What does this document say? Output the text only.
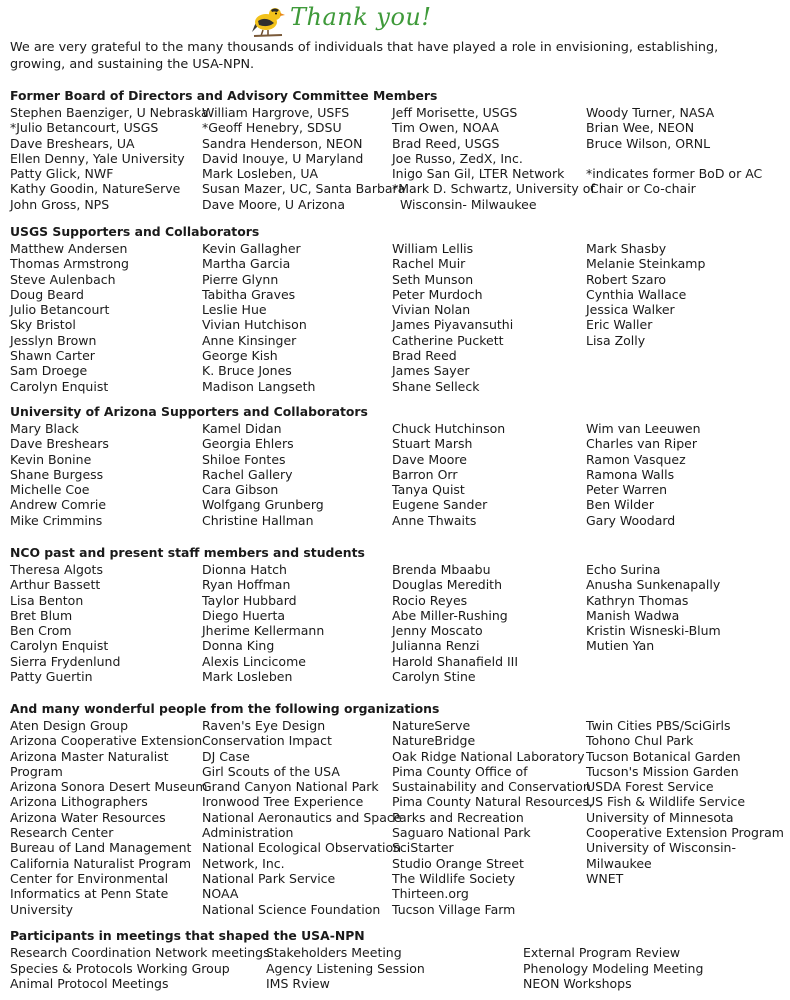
Thank you!
We are very grateful to the many thousands of individuals that have played a role in envisioning, establishing, growing, and sustaining the USA-NPN.
Former Board of Directors and Advisory Committee Members
Stephen Baenziger, U Nebraska
*Julio Betancourt, USGS
Dave Breshears, UA
Ellen Denny, Yale University
Patty Glick, NWF
Kathy Goodin, NatureServe
John Gross, NPS
William Hargrove, USFS
*Geoff Henebry, SDSU
Sandra Henderson, NEON
David Inouye, U Maryland
Mark Losleben, UA
Susan Mazer, UC, Santa Barbara
Dave Moore, U Arizona
Jeff Morisette, USGS
Tim Owen, NOAA
Brad Reed, USGS
Joe Russo, ZedX, Inc.
Inigo San Gil, LTER Network
*Mark D. Schwartz, University of
Wisconsin- Milwaukee
Woody Turner, NASA
Brian Wee, NEON
Bruce Wilson, ORNL
*indicates former BoD or AC
Chair or Co-chair
USGS Supporters and Collaborators
Matthew Andersen
Thomas Armstrong
Steve Aulenbach
Doug Beard
Julio Betancourt
Sky Bristol
Jesslyn Brown
Shawn Carter
Sam Droege
Carolyn Enquist
Kevin Gallagher
Martha Garcia
Pierre Glynn
Tabitha Graves
Leslie Hue
Vivian Hutchison
Anne Kinsinger
George Kish
K. Bruce Jones
Madison Langseth
William Lellis
Rachel Muir
Seth Munson
Peter Murdoch
Vivian Nolan
James Piyavansuthi
Catherine Puckett
Brad Reed
James Sayer
Shane Selleck
Mark Shasby
Melanie Steinkamp
Robert Szaro
Cynthia Wallace
Jessica Walker
Eric Waller
Lisa Zolly
University of Arizona Supporters and Collaborators
Mary Black
Dave Breshears
Kevin Bonine
Shane Burgess
Michelle Coe
Andrew Comrie
Mike Crimmins
Kamel Didan
Georgia Ehlers
Shiloe Fontes
Rachel Gallery
Cara Gibson
Wolfgang Grunberg
Christine Hallman
Chuck Hutchinson
Stuart Marsh
Dave Moore
Barron Orr
Tanya Quist
Eugene Sander
Anne Thwaits
Wim van Leeuwen
Charles van Riper
Ramon Vasquez
Ramona Walls
Peter Warren
Ben Wilder
Gary Woodard
NCO past and present staff members and students
Theresa Algots
Arthur Bassett
Lisa Benton
Bret Blum
Ben Crom
Carolyn Enquist
Sierra Frydenlund
Patty Guertin
Dionna Hatch
Ryan Hoffman
Taylor Hubbard
Diego Huerta
Jherime Kellermann
Donna King
Alexis Lincicome
Mark Losleben
Brenda Mbaabu
Douglas Meredith
Rocio Reyes
Abe Miller-Rushing
Jenny Moscato
Julianna Renzi
Harold Shanafield III
Carolyn Stine
Echo Surina
Anusha Sunkenapally
Kathryn Thomas
Manish Wadwa
Kristin Wisneski-Blum
Mutien Yan
And many wonderful people from the following organizations
Aten Design Group
Arizona Cooperative Extension
Arizona Master Naturalist
Program
Arizona Sonora Desert Museum
Arizona Lithographers
Arizona Water Resources
Research Center
Bureau of Land Management
California Naturalist Program
Center for Environmental
Informatics at Penn State
University
Raven's Eye Design
Conservation Impact
DJ Case
Girl Scouts of the USA
Grand Canyon National Park
Ironwood Tree Experience
National Aeronautics and Space
Administration
National Ecological Observation
Network, Inc.
National Park Service
NOAA
National Science Foundation
NatureServe
NatureBridge
Oak Ridge National Laboratory
Pima County Office of
Sustainability and Conservation
Pima County Natural Resources,
Parks and Recreation
Saguaro National Park
SciStarter
Studio Orange Street
The Wildlife Society
Thirteen.org
Tucson Village Farm
Twin Cities PBS/SciGirls
Tohono Chul Park
Tucson Botanical Garden
Tucson's Mission Garden
USDA Forest Service
US Fish & Wildlife Service
University of Minnesota
Cooperative Extension Program
University of Wisconsin-
Milwaukee
WNET
Participants in meetings that shaped the USA-NPN
Research Coordination Network meetings
Species & Protocols Working Group
Animal Protocol Meetings
Stakeholders Meeting
Agency Listening Session
IMS Rview
External Program Review
Phenology Modeling Meeting
NEON Workshops
